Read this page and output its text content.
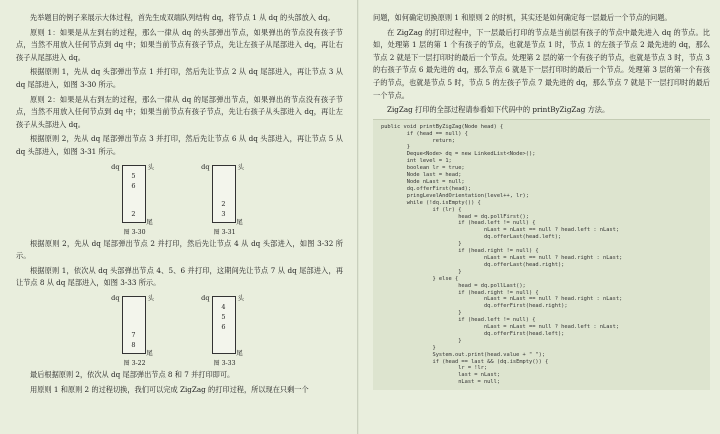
先举题目的例子来展示大体过程，首先生成双端队列结构 dq，将节点 1 从 dq 的头部放入 dq。

原则 1：如果是从左到右的过程，那么一律从 dq 的头部弹出节点，如果弹出的节点没有孩子节点，当然不用放入任何节点到 dq 中；如果当前节点有孩子节点，先让左孩子从尾部进入 dq，再让右孩子从尾部进入 dq。

根据原则 1，先从 dq 头部弹出节点 1 并打印，然后先让节点 2 从 dq 尾部进入，再让节点 3 从 dq 尾部进入，如图 3-30 所示。

原则 2：如果是从右到左的过程，那么一律从 dq 的尾部弹出节点，如果弹出的节点没有孩子节点，当然不用放入任何节点到 dq 中；如果当前节点有孩子节点，先让右孩子从头部进入 dq，再让左孩子从头部进入 dq。

根据原则 2，先从 dq 尾部弹出节点 3 并打印，然后先让节点 6 从 dq 头部进入，再让节点 5 从 dq 头部进入，如图 3-31 所示。

dq
5
6
2
头
尾
图 3-30
dq
2
3
头
尾
图 3-31

根据原则 2，先从 dq 尾部弹出节点 2 并打印，然后先让节点 4 从 dq 头部进入，如图 3-32 所示。

根据原则 1，依次从 dq 头部弹出节点 4、5、6 并打印，这期间先让节点 7 从 dq 尾部进入，再让节点 8 从 dq 尾部进入，如图 3-33 所示。

dq
7
8
头
尾
图 3-22
dq
4
5
6
头
尾
图 3-33

最后根据原则 2，依次从 dq 尾部弹出节点 8 和 7 并打印即可。

用原则 1 和原则 2 的过程切换，我们可以完成 ZigZag 的打印过程，所以现在只剩一个

问题，如何确定切换原则 1 和原则 2 的时机，其实还是如何确定每一层最后一个节点的问题。

在 ZigZag 的打印过程中，下一层最后打印的节点是当前层有孩子的节点中最先进入 dq 的节点。比如，处理第 1 层的第 1 个有孩子的节点，也就是节点 1 时，节点 1 的左孩子节点 2 最先进的 dq，那么节点 2 就是下一层打印时的最后一个节点。处理第 2 层的第一个有孩子的节点，也就是节点 3 时，节点 3 的右孩子节点 6 最先进的 dq，那么节点 6 就是下一层打印时的最后一个节点。处理第 3 层的第一个有孩子的节点，也就是节点 5 时，节点 5 的左孩子节点 7 最先进的 dq，那么节点 7 就是下一层打印时的最后一个节点。

ZigZag 打印的全部过程请参看如下代码中的 printByZigZag 方法。

public void printByZigZag(Node head) {
if (head == null) {
return;
}
Deque<Node> dq = new LinkedList<Node>();
int level = 1;
boolean lr = true;
Node last = head;
Node nLast = null;
dq.offerFirst(head);
pringLevelAndOrientation(level++, lr);
while (!dq.isEmpty()) {
if (lr) {
head = dq.pollFirst();
if (head.left != null) {
nLast = nLast == null ? head.left : nLast;
dq.offerLast(head.left);
}
if (head.right != null) {
nLast = nLast == null ? head.right : nLast;
dq.offerLast(head.right);
}
} else {
head = dq.pollLast();
if (head.right != null) {
nLast = nLast == null ? head.right : nLast;
dq.offerFirst(head.right);
}
if (head.left != null) {
nLast = nLast == null ? head.left : nLast;
dq.offerFirst(head.left);
}
}
System.out.print(head.value + " ");
if (head == last && (dq.isEmpty()) {
lr = !lr;
last = nLast;
nLast = null;
